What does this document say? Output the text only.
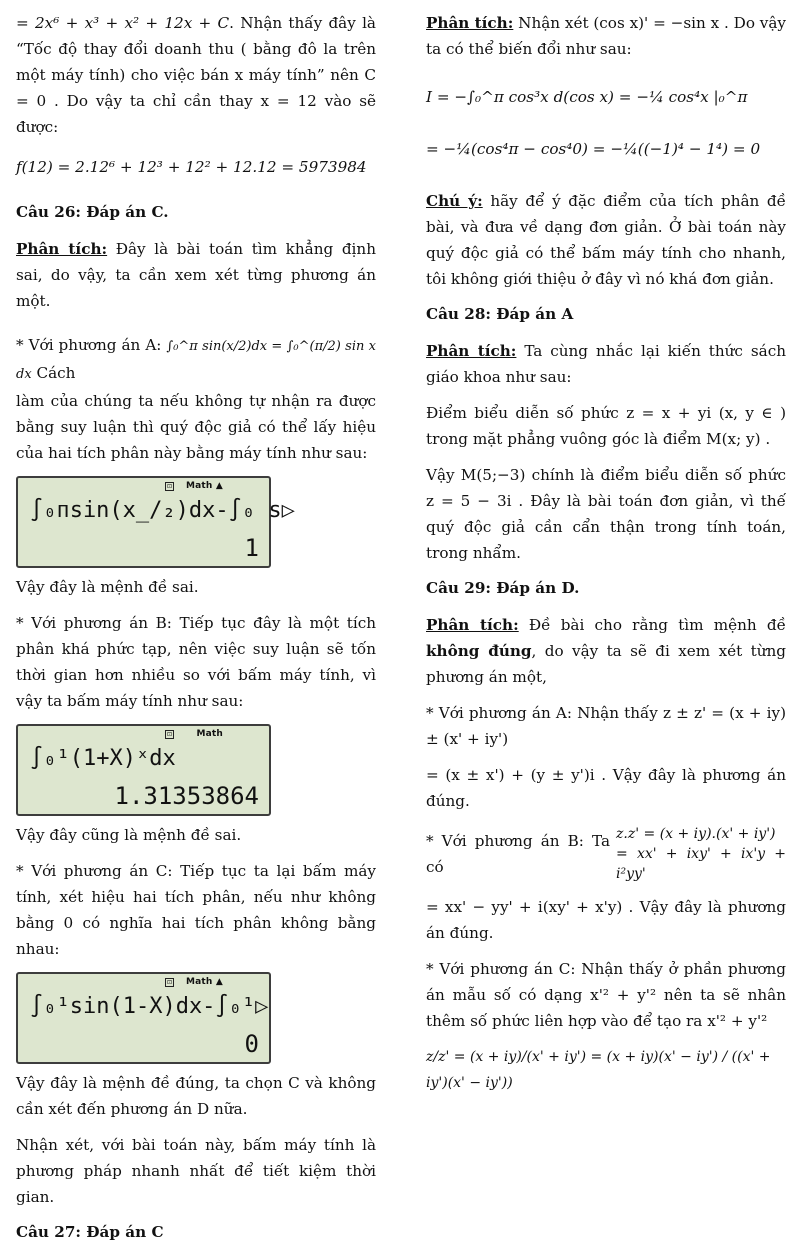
= 2x⁶ + x³ + x² + 12x + C. Nhận thấy đây là “Tốc độ thay đổi doanh thu ( bằng đô la trên một máy tính) cho việc bán x máy tính” nên C = 0 . Do vậy ta chỉ cần thay x = 12 vào sẽ được:

f(12) = 2.12⁶ + 12³ + 12² + 12.12 = 5973984
Câu 26: Đáp án C.

Phân tích: Đây là bài toán tìm khẳng định sai, do vậy, ta cần xem xét từng phương án một.

* Với phương án A: ∫₀^π sin(x/2)dx = ∫₀^(π/2) sin x dx Cách

làm của chúng ta nếu không tự nhận ra được bằng suy luận thì quý độc giả có thể lấy hiệu của hai tích phân này bằng máy tính như sau:

⊡ Math ▲
∫₀ᴨsin(x̲/₂)dx-∫₀ s▷
1

Vậy đây là mệnh đề sai.

* Với phương án B: Tiếp tục đây là một tích phân khá phức tạp, nên việc suy luận sẽ tốn thời gian hơn nhiều so với bấm máy tính, vì vậy ta bấm máy tính như sau:

⊡	Math
∫₀¹(1+X)ˣdx
1.31353864

Vậy đây cũng là mệnh đề sai.

* Với phương án C: Tiếp tục ta lại bấm máy tính, xét hiệu hai tích phân, nếu như không bằng 0 có nghĩa hai tích phân không bằng nhau:

⊡ Math ▲
∫₀¹sin(1-X)dx-∫₀¹▷
0

Vậy đây là mệnh đề đúng, ta chọn C và không cần xét đến phương án D nữa.

Nhận xét, với bài toán này, bấm máy tính là phương pháp nhanh nhất để tiết kiệm thời gian.

Câu 27: Đáp án C

Phân tích: Nhận xét (cos x)' = −sin x . Do vậy ta có thể biến đổi như sau:

I = −∫₀^π cos³x d(cos x) = −¼ cos⁴x |₀^π
= −¼(cos⁴π − cos⁴0) = −¼((−1)⁴ − 1⁴) = 0

Chú ý: hãy để ý đặc điểm của tích phân đề bài, và đưa về dạng đơn giản. Ở bài toán này quý độc giả có thể bấm máy tính cho nhanh, tôi không giới thiệu ở đây vì nó khá đơn giản.

Câu 28: Đáp án A

Phân tích: Ta cùng nhắc lại kiến thức sách giáo khoa như sau:

Điểm biểu diễn số phức z = x + yi (x, y ∈ ) trong mặt phẳng vuông góc là điểm M(x; y) .

Vậy M(5;−3) chính là điểm biểu diễn số phức z = 5 − 3i . Đây là bài toán đơn giản, vì thế quý độc giả cần cẩn thận trong tính toán, trong nhẩm.

Câu 29: Đáp án D.

Phân tích: Đề bài cho rằng tìm mệnh đề không đúng, do vậy ta sẽ đi xem xét từng phương án một,

* Với phương án A: Nhận thấy z ± z' = (x + iy) ± (x' + iy')

= (x ± x') + (y ± y')i . Vậy đây là phương án đúng.

* Với phương án B: Ta có
z.z' = (x + iy).(x' + iy')
= xx' + ixy' + ix'y + i²yy'

= xx' − yy' + i(xy' + x'y) . Vậy đây là phương án đúng.

* Với phương án C: Nhận thấy ở phần phương án mẫu số có dạng x'² + y'² nên ta sẽ nhân thêm số phức liên hợp vào để tạo ra x'² + y'²

z/z' = (x + iy)/(x' + iy') = (x + iy)(x' − iy') / ((x' + iy')(x' − iy'))
